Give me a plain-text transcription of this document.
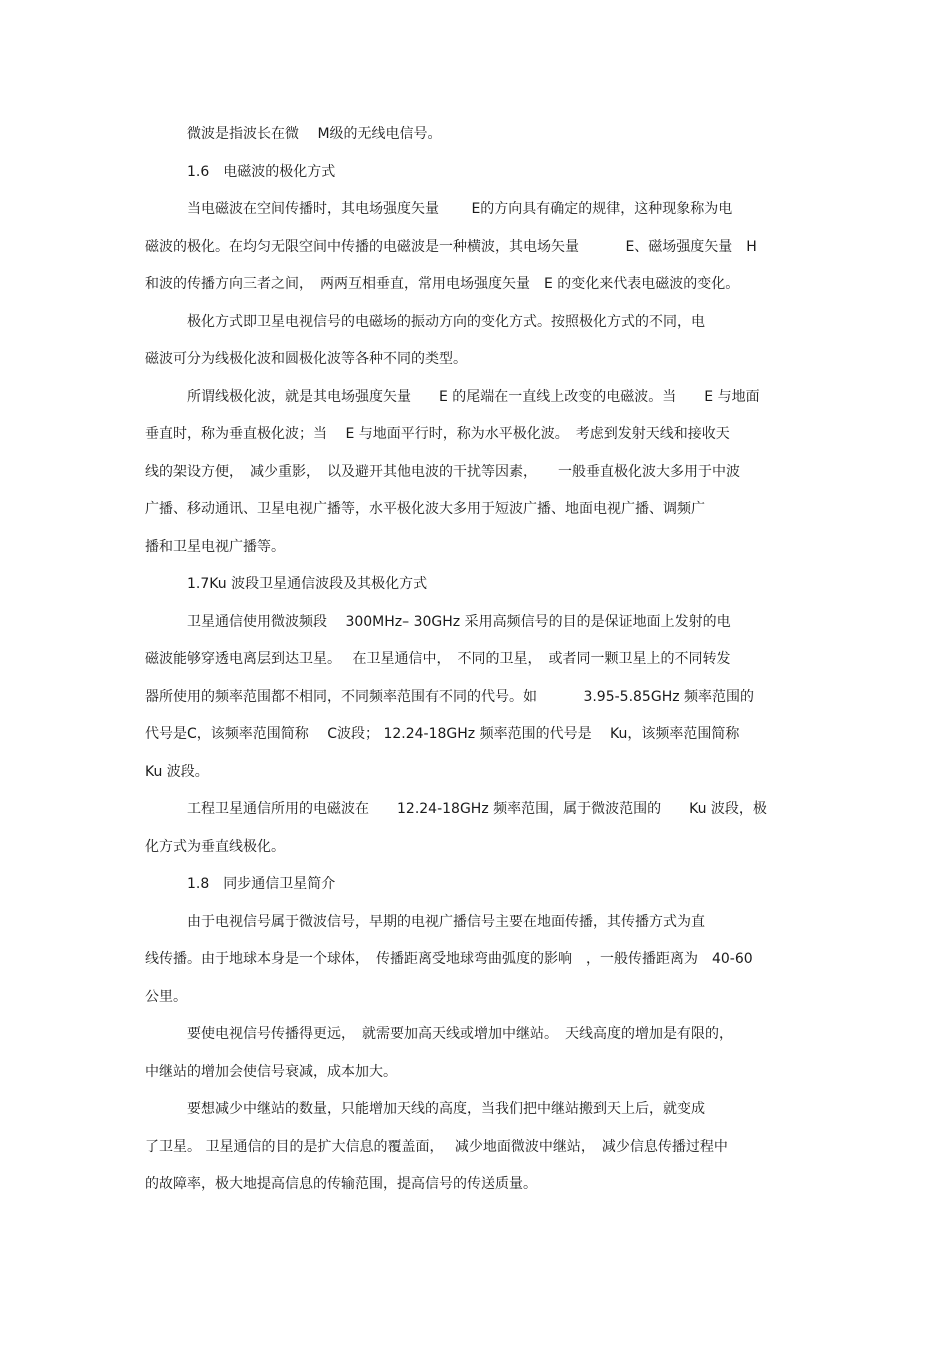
微波是指波长在微　 M级的无线电信号。
1.6　电磁波的极化方式
当电磁波在空间传播时，其电场强度矢量　　 E的方向具有确定的规律，这种现象称为电
磁波的极化。在均匀无限空间中传播的电磁波是一种横波，其电场矢量　　　 E、磁场强度矢量　H
和波的传播方向三者之间，　两两互相垂直，常用电场强度矢量　E 的变化来代表电磁波的变化。
极化方式即卫星电视信号的电磁场的振动方向的变化方式。按照极化方式的不同，电
磁波可分为线极化波和圆极化波等各种不同的类型。
所谓线极化波，就是其电场强度矢量　　E 的尾端在一直线上改变的电磁波。当　　E 与地面
垂直时，称为垂直极化波；当　 E 与地面平行时，称为水平极化波。　考虑到发射天线和接收天
线的架设方便，　减少重影，　以及避开其他电波的干扰等因素，　　一般垂直极化波大多用于中波
广播、移动通讯、卫星电视广播等，水平极化波大多用于短波广播、地面电视广播、调频广
播和卫星电视广播等。
1.7Ku 波段卫星通信波段及其极化方式
卫星通信使用微波频段　 300MHz– 30GHz 采用高频信号的目的是保证地面上发射的电
磁波能够穿透电离层到达卫星。　 在卫星通信中，　不同的卫星，　或者同一颗卫星上的不同转发
器所使用的频率范围都不相同，不同频率范围有不同的代号。如　　　 3.95-5.85GHz 频率范围的
代号是C，该频率范围简称　 C波段； 12.24-18GHz 频率范围的代号是　 Ku，该频率范围简称
Ku 波段。
工程卫星通信所用的电磁波在　　12.24-18GHz 频率范围，属于微波范围的　　Ku 波段，极
化方式为垂直线极化。
1.8　同步通信卫星简介
由于电视信号属于微波信号，早期的电视广播信号主要在地面传播，其传播方式为直
线传播。由于地球本身是一个球体，　传播距离受地球弯曲弧度的影响　，一般传播距离为　40-60
公里。
要使电视信号传播得更远，　就需要加高天线或增加中继站。　天线高度的增加是有限的，
中继站的增加会使信号衰减，成本加大。
要想减少中继站的数量，只能增加天线的高度，当我们把中继站搬到天上后，就变成
了卫星。 卫星通信的目的是扩大信息的覆盖面，　 减少地面微波中继站，　减少信息传播过程中
的故障率，极大地提高信息的传输范围，提高信号的传送质量。
